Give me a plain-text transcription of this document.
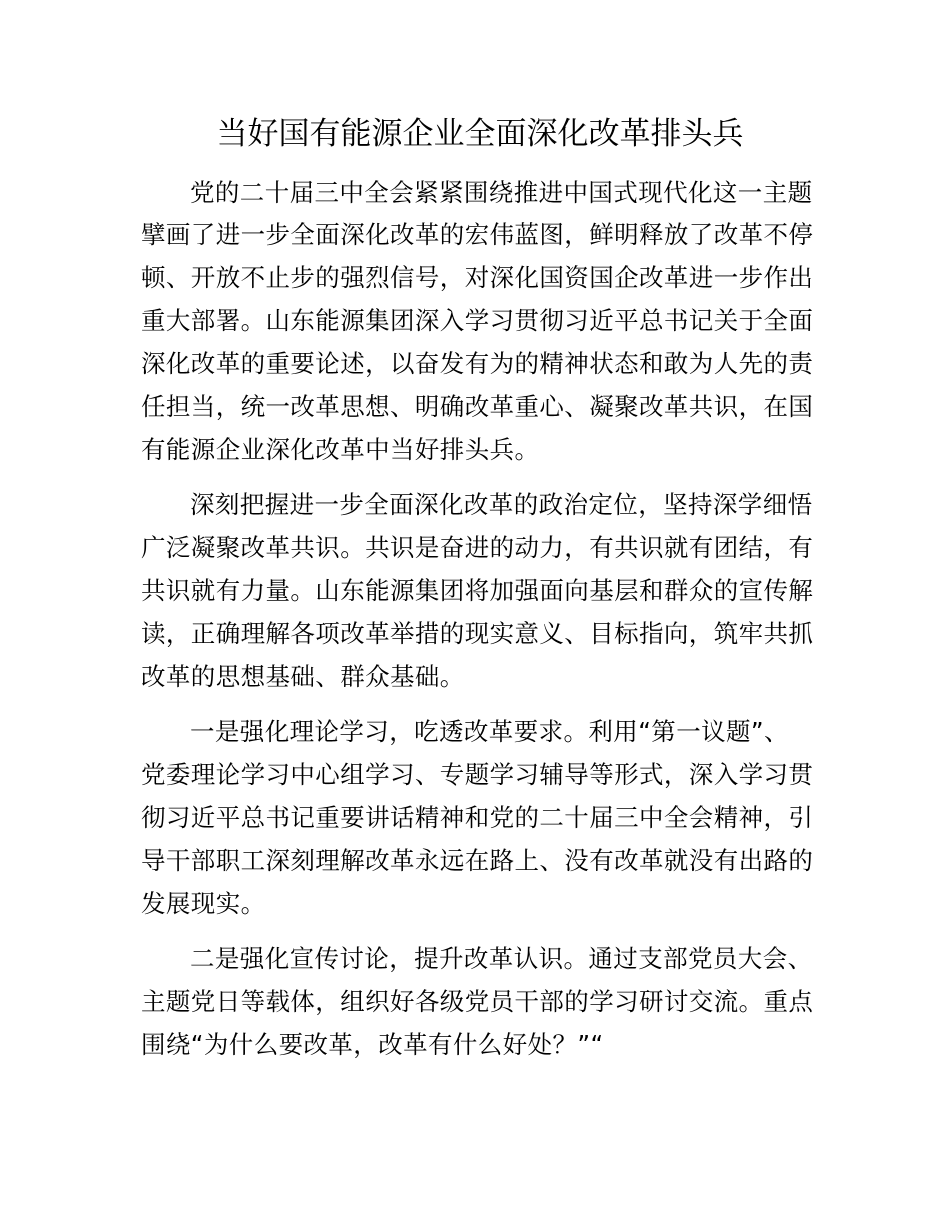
当好国有能源企业全面深化改革排头兵
党的二十届三中全会紧紧围绕推进中国式现代化这一主题
擘画了进一步全面深化改革的宏伟蓝图，鲜明释放了改革不停
顿、开放不止步的强烈信号，对深化国资国企改革进一步作出
重大部署。山东能源集团深入学习贯彻习近平总书记关于全面
深化改革的重要论述，以奋发有为的精神状态和敢为人先的责
任担当，统一改革思想、明确改革重心、凝聚改革共识，在国
有能源企业深化改革中当好排头兵。
深刻把握进一步全面深化改革的政治定位，坚持深学细悟
广泛凝聚改革共识。共识是奋进的动力，有共识就有团结，有
共识就有力量。山东能源集团将加强面向基层和群众的宣传解
读，正确理解各项改革举措的现实意义、目标指向，筑牢共抓
改革的思想基础、群众基础。
一是强化理论学习，吃透改革要求。利用“第一议题”、
党委理论学习中心组学习、专题学习辅导等形式，深入学习贯
彻习近平总书记重要讲话精神和党的二十届三中全会精神，引
导干部职工深刻理解改革永远在路上、没有改革就没有出路的
发展现实。
二是强化宣传讨论，提升改革认识。通过支部党员大会、
主题党日等载体，组织好各级党员干部的学习研讨交流。重点
围绕“为什么要改革，改革有什么好处？”“
